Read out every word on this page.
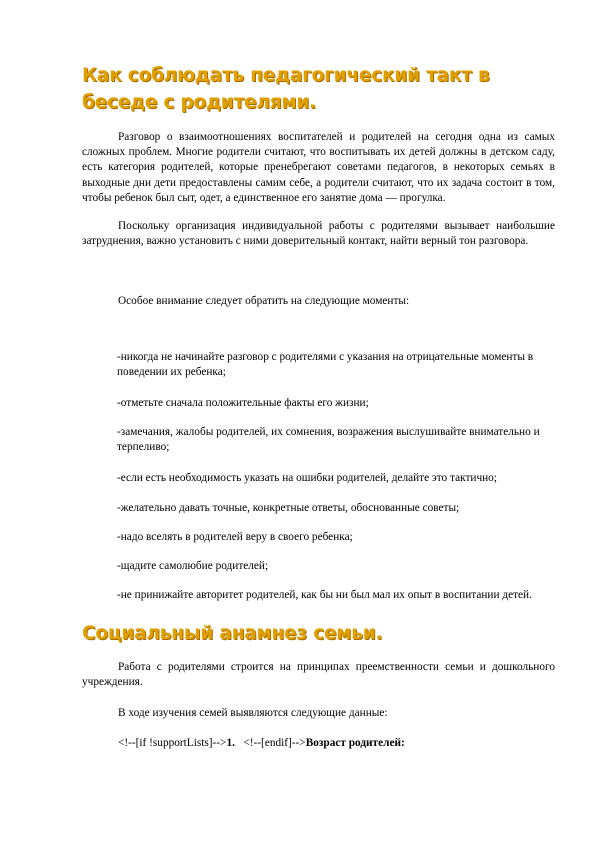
Как соблюдать педагогический такт в беседе с родителями.

Разговор о взаимоотношениях воспитателей и родителей на сегодня одна из самых сложных проблем. Многие родители считают, что воспитывать их детей должны в детском саду, есть категория родителей, которые пренебрегают советами педагогов, в некоторых семьях в выходные дни дети предоставлены самим себе, а родители считают, что их задача состоит в том, чтобы ребенок был сыт, одет, а единственное его занятие дома — прогулка.

Поскольку организация индивидуальной работы с родителями вызывает наибольшие затруднения, важно установить с ними доверительный контакт, найти верный тон разговора.

Особое внимание следует обратить на следующие моменты:

-никогда не начинайте разговор с родителями с указания на отрицательные моменты в поведении их ребенка;

-отметьте сначала положительные факты его жизни;

-замечания, жалобы родителей, их сомнения, возражения выслушивайте внимательно и терпеливо;

-если есть необходимость указать на ошибки родителей, делайте это тактично;

-желательно давать точные, конкретные ответы, обоснованные советы;

-надо вселять в родителей веру в своего ребенка;

-щадите самолюбие родителей;

-не принижайте авторитет родителей, как бы ни был мал их опыт в воспитании детей.

Социальный анамнез семьи.

Работа с родителями строится на принципах преемственности семьи и дошкольного учреждения.

В ходе изучения семей выявляются следующие данные:

<!--[if !supportLists]-->1.   <!--[endif]-->Возраст родителей:
